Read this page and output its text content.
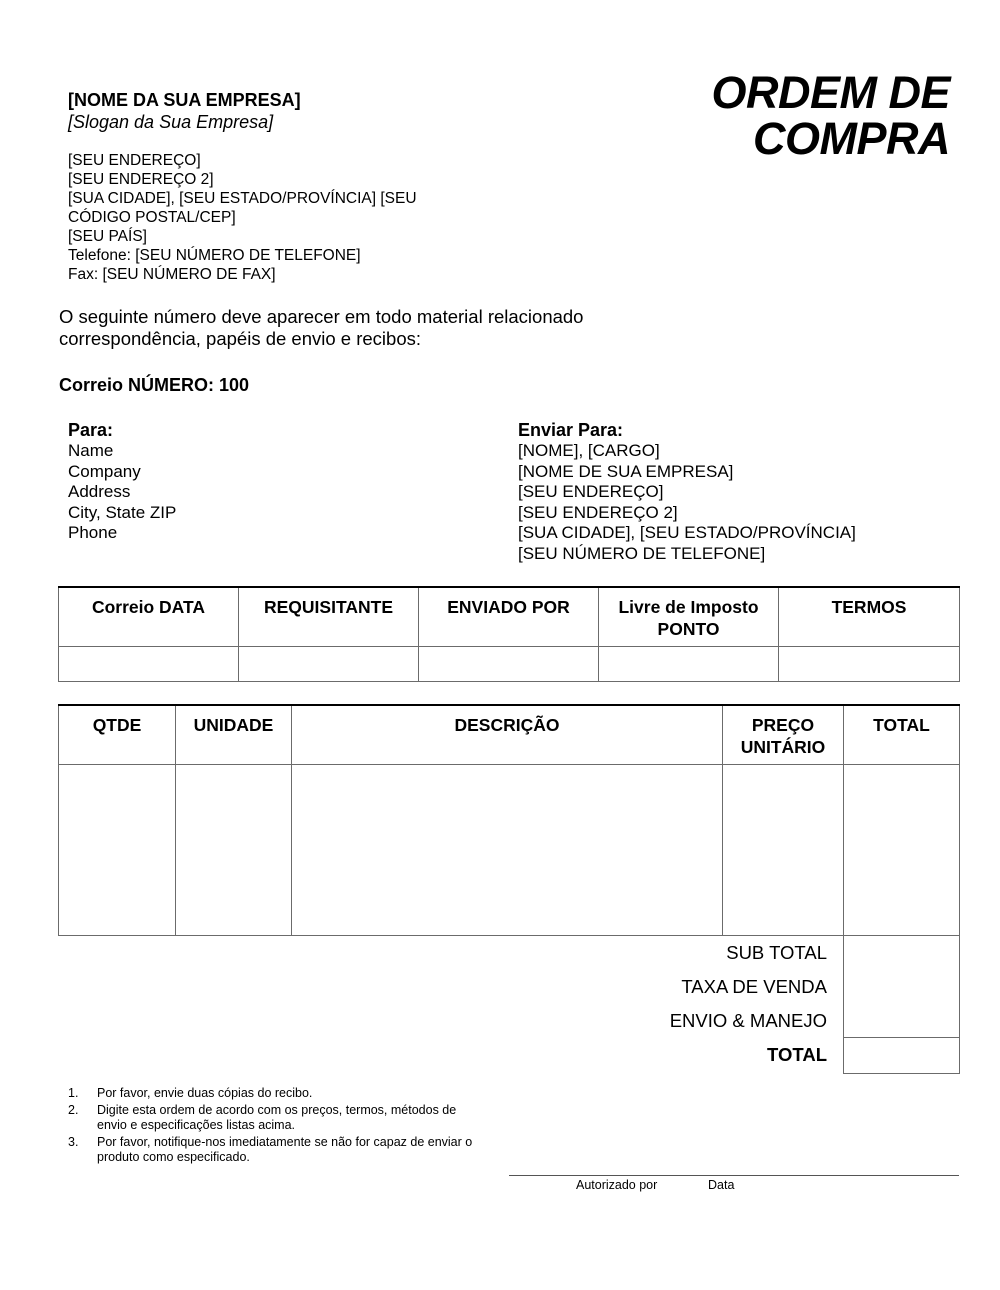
[NOME DA SUA EMPRESA]
[Slogan da Sua Empresa]
[SEU ENDEREÇO]
[SEU ENDEREÇO 2]
[SUA CIDADE], [SEU ESTADO/PROVÍNCIA] [SEU
CÓDIGO POSTAL/CEP]
[SEU PAÍS]
Telefone: [SEU NÚMERO DE TELEFONE]
Fax: [SEU NÚMERO DE FAX]
ORDEM DE
COMPRA
O seguinte número deve aparecer em todo material relacionado
correspondência, papéis de envio e recibos:
Correio NÚMERO: 100
Para:
Name
Company
Address
City, State ZIP
Phone
Enviar Para:
[NOME], [CARGO]
[NOME DE SUA EMPRESA]
[SEU ENDEREÇO]
[SEU ENDEREÇO 2]
[SUA CIDADE], [SEU ESTADO/PROVÍNCIA]
[SEU NÚMERO DE TELEFONE]
Correio DATA	REQUISITANTE	ENVIADO POR	Livre de Imposto PONTO	TERMOS

QTDE	UNIDADE	DESCRIÇÃO	PREÇO UNITÁRIO	TOTAL

SUB TOTAL
TAXA DE VENDA
ENVIO & MANEJO
TOTAL
1.	Por favor, envie duas cópias do recibo.
2.	Digite esta ordem de acordo com os preços, termos, métodos de envio e especificações listas acima.
3.	Por favor, notifique-nos imediatamente se não for capaz de enviar o produto como especificado.
Autorizado por	Data
